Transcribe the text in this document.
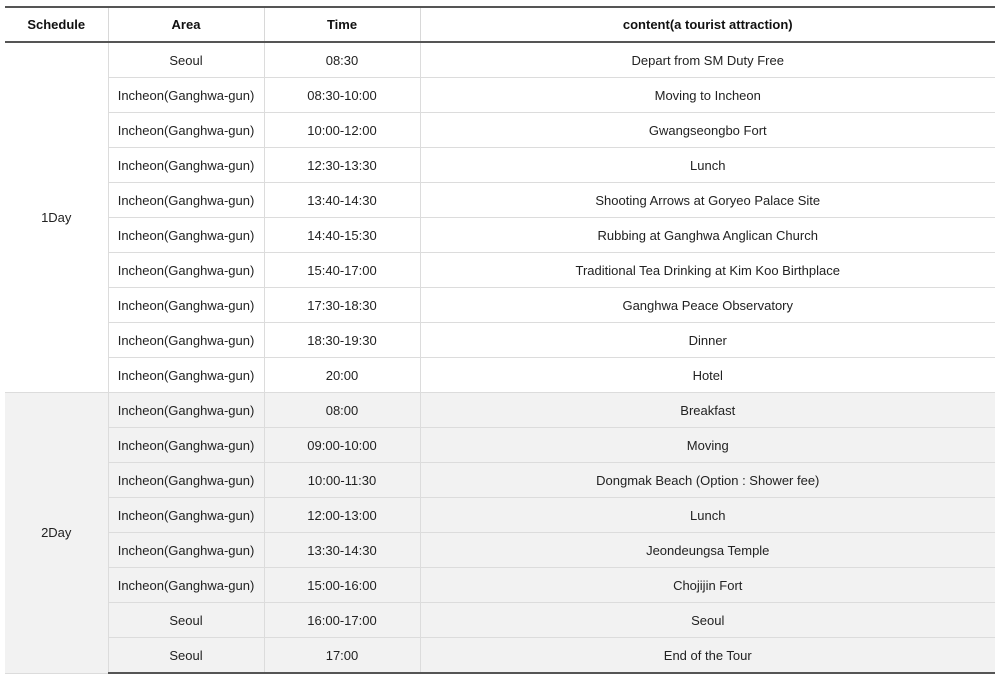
Schedule	Area	Time	content(a tourist attraction)
1Day	Seoul	08:30	Depart from SM Duty Free
	Incheon(Ganghwa-gun)	08:30-10:00	Moving to Incheon
	Incheon(Ganghwa-gun)	10:00-12:00	Gwangseongbo Fort
	Incheon(Ganghwa-gun)	12:30-13:30	Lunch
	Incheon(Ganghwa-gun)	13:40-14:30	Shooting Arrows at Goryeo Palace Site
	Incheon(Ganghwa-gun)	14:40-15:30	Rubbing at Ganghwa Anglican Church
	Incheon(Ganghwa-gun)	15:40-17:00	Traditional Tea Drinking at Kim Koo Birthplace
	Incheon(Ganghwa-gun)	17:30-18:30	Ganghwa Peace Observatory
	Incheon(Ganghwa-gun)	18:30-19:30	Dinner
	Incheon(Ganghwa-gun)	20:00	Hotel
2Day	Incheon(Ganghwa-gun)	08:00	Breakfast
	Incheon(Ganghwa-gun)	09:00-10:00	Moving
	Incheon(Ganghwa-gun)	10:00-11:30	Dongmak Beach (Option : Shower fee)
	Incheon(Ganghwa-gun)	12:00-13:00	Lunch
	Incheon(Ganghwa-gun)	13:30-14:30	Jeondeungsa Temple
	Incheon(Ganghwa-gun)	15:00-16:00	Chojijin Fort
	Seoul	16:00-17:00	Seoul
	Seoul	17:00	End of the Tour
